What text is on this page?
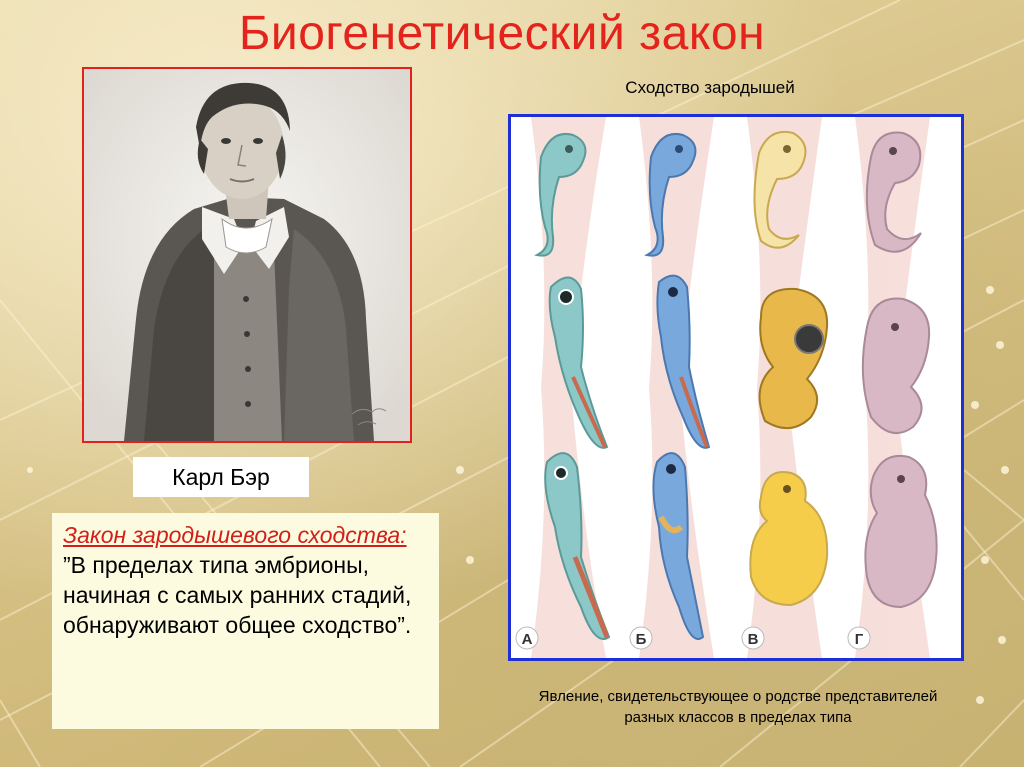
Биогенетический закон
Карл Бэр
Закон зародышевого сходства: ”В пределах типа эмбрионы, начиная с самых ранних стадий, обнаруживают общее сходство”.
Сходство зародышей
А	Б	В	Г
Явление, свидетельствующее о родстве представителей разных классов в пределах типа
